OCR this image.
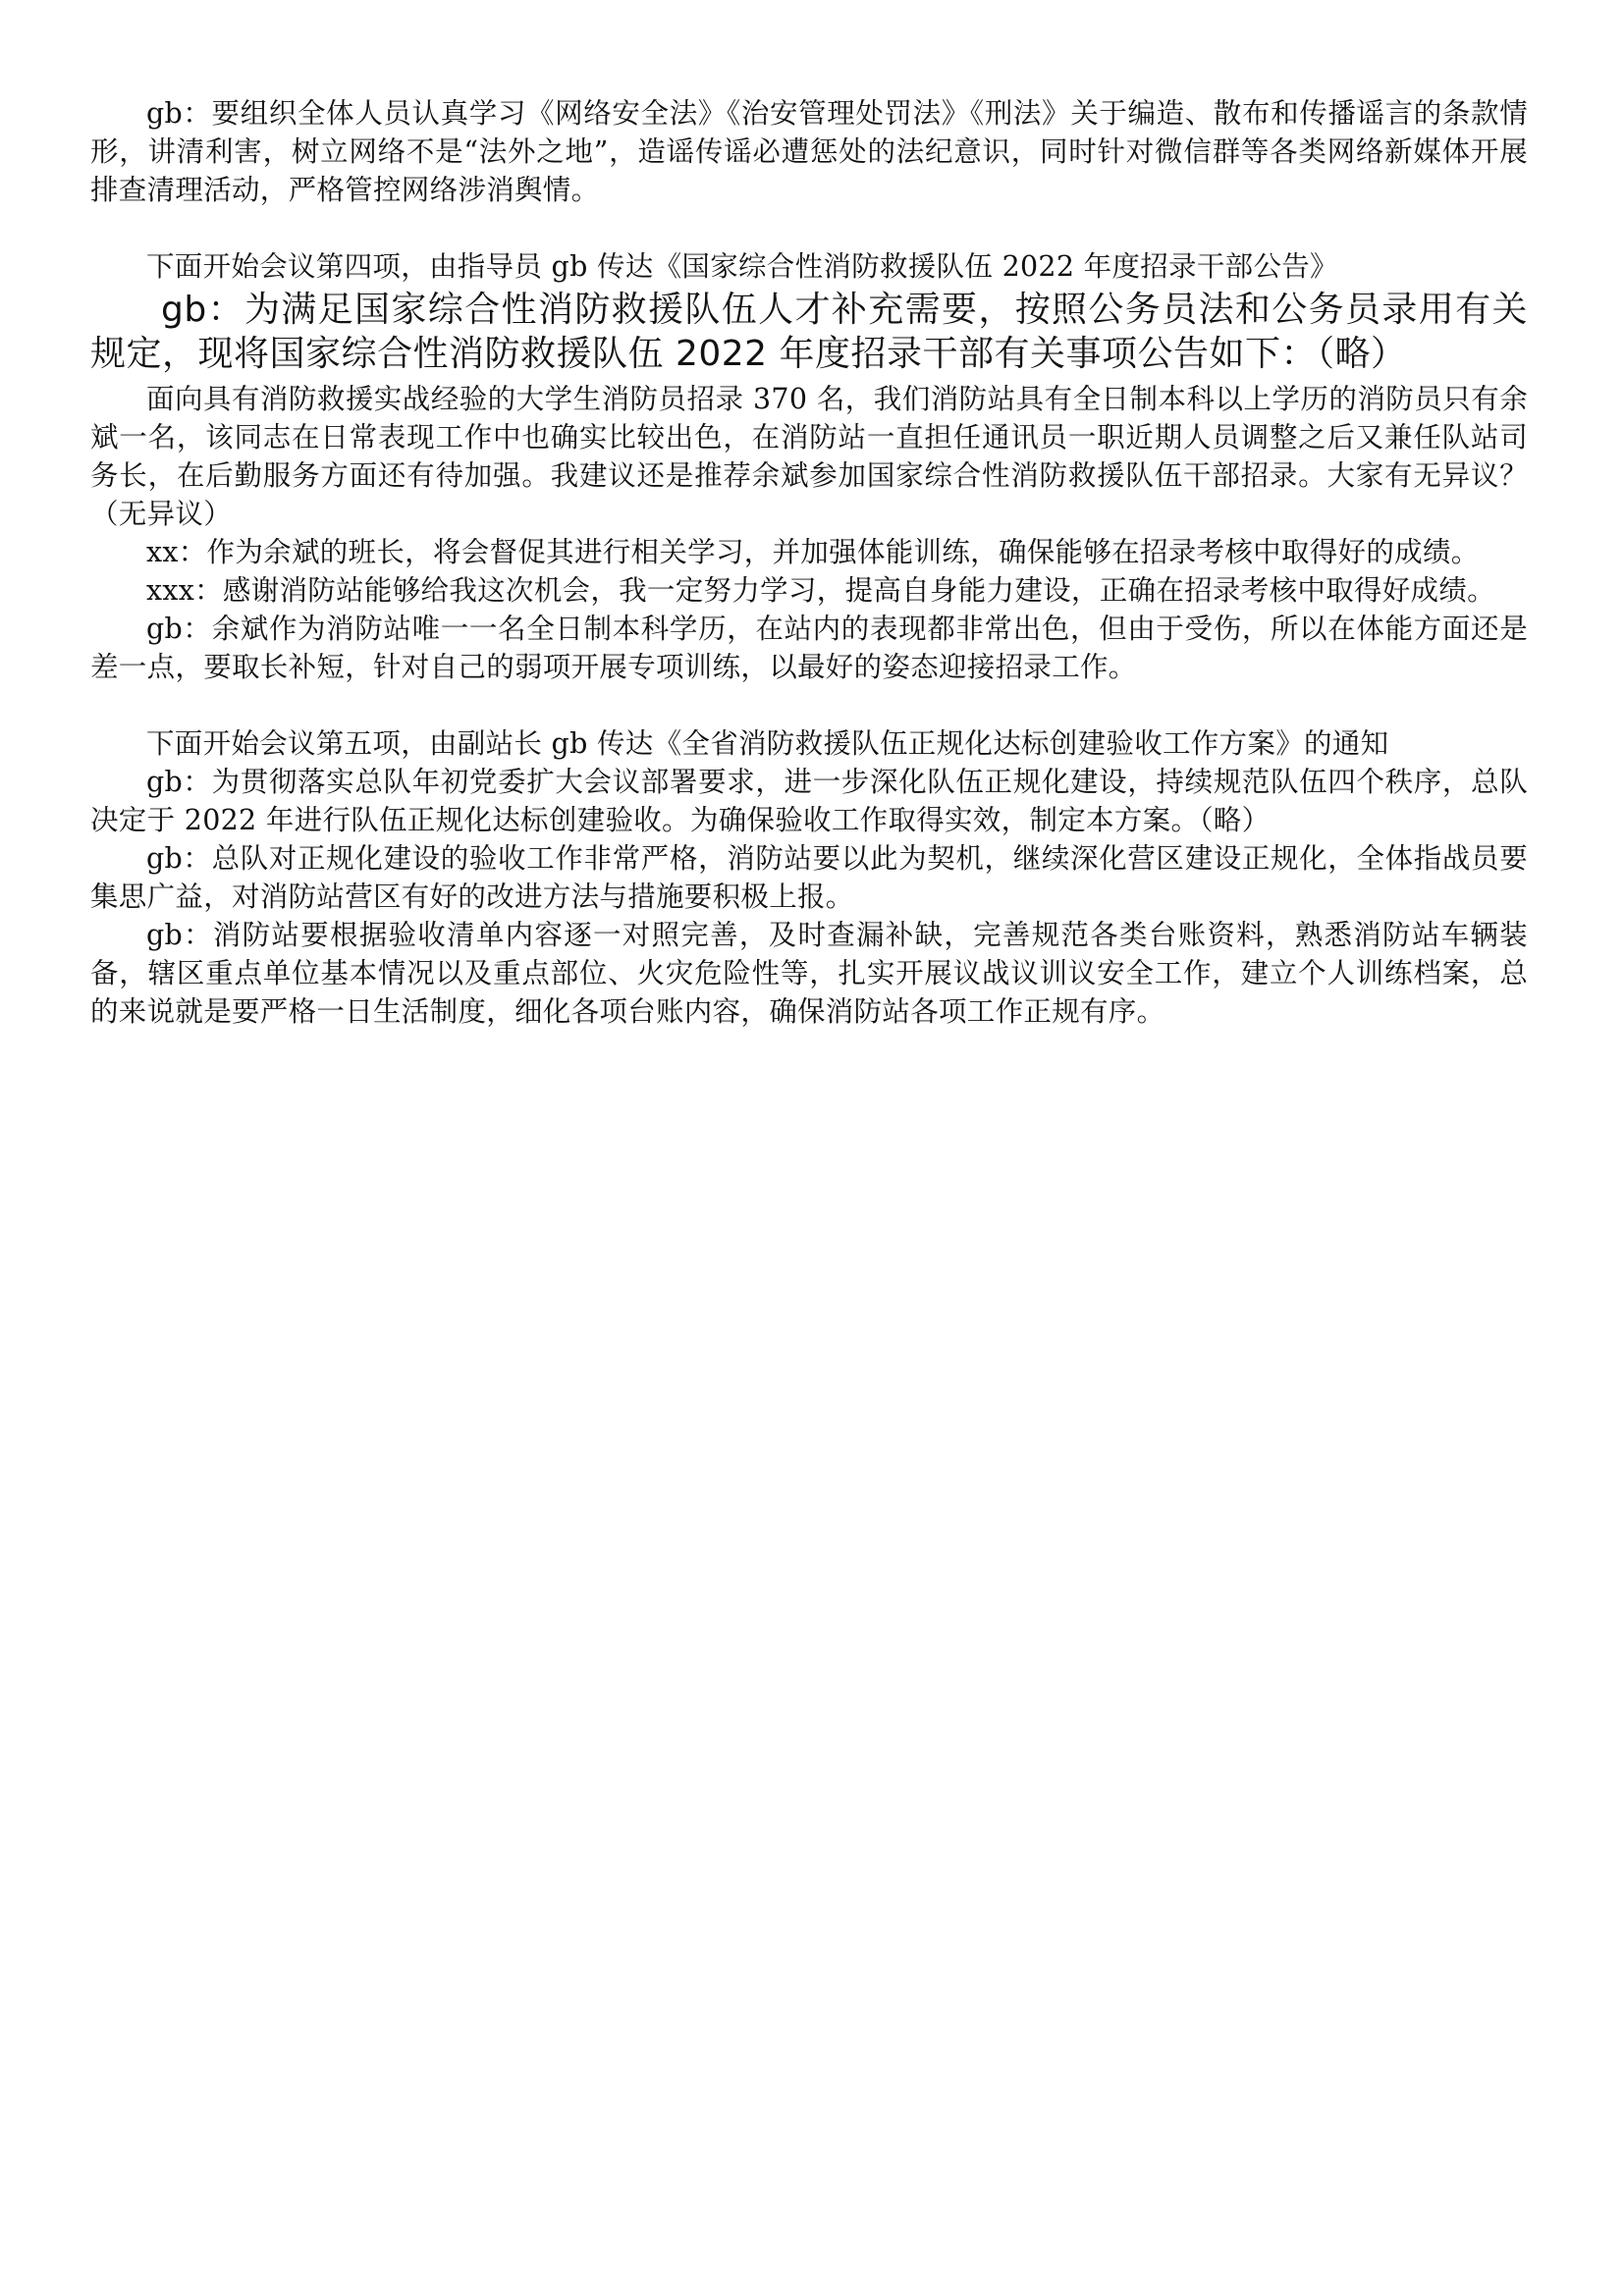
gb：要组织全体人员认真学习《网络安全法》《治安管理处罚法》《刑法》关于编造、散布和传播谣言的条款情形，讲清利害，树立网络不是“法外之地”，造谣传谣必遭惩处的法纪意识，同时针对微信群等各类网络新媒体开展排查清理活动，严格管控网络涉消舆情。

下面开始会议第四项，由指导员 gb 传达《国家综合性消防救援队伍 2022 年度招录干部公告》

gb：为满足国家综合性消防救援队伍人才补充需要，按照公务员法和公务员录用有关规定，现将国家综合性消防救援队伍 2022 年度招录干部有关事项公告如下：（略）

面向具有消防救援实战经验的大学生消防员招录 370 名，我们消防站具有全日制本科以上学历的消防员只有余斌一名，该同志在日常表现工作中也确实比较出色，在消防站一直担任通讯员一职近期人员调整之后又兼任队站司务长，在后勤服务方面还有待加强。我建议还是推荐余斌参加国家综合性消防救援队伍干部招录。大家有无异议？（无异议）

xx：作为余斌的班长，将会督促其进行相关学习，并加强体能训练，确保能够在招录考核中取得好的成绩。

xxx：感谢消防站能够给我这次机会，我一定努力学习，提高自身能力建设，正确在招录考核中取得好成绩。

gb：余斌作为消防站唯一一名全日制本科学历，在站内的表现都非常出色，但由于受伤，所以在体能方面还是差一点，要取长补短，针对自己的弱项开展专项训练，以最好的姿态迎接招录工作。

下面开始会议第五项，由副站长 gb 传达《全省消防救援队伍正规化达标创建验收工作方案》的通知

gb：为贯彻落实总队年初党委扩大会议部署要求，进一步深化队伍正规化建设，持续规范队伍四个秩序，总队决定于 2022 年进行队伍正规化达标创建验收。为确保验收工作取得实效，制定本方案。（略）

gb：总队对正规化建设的验收工作非常严格，消防站要以此为契机，继续深化营区建设正规化，全体指战员要集思广益，对消防站营区有好的改进方法与措施要积极上报。

gb：消防站要根据验收清单内容逐一对照完善，及时查漏补缺，完善规范各类台账资料，熟悉消防站车辆装备，辖区重点单位基本情况以及重点部位、火灾危险性等，扎实开展议战议训议安全工作，建立个人训练档案，总的来说就是要严格一日生活制度，细化各项台账内容，确保消防站各项工作正规有序。
